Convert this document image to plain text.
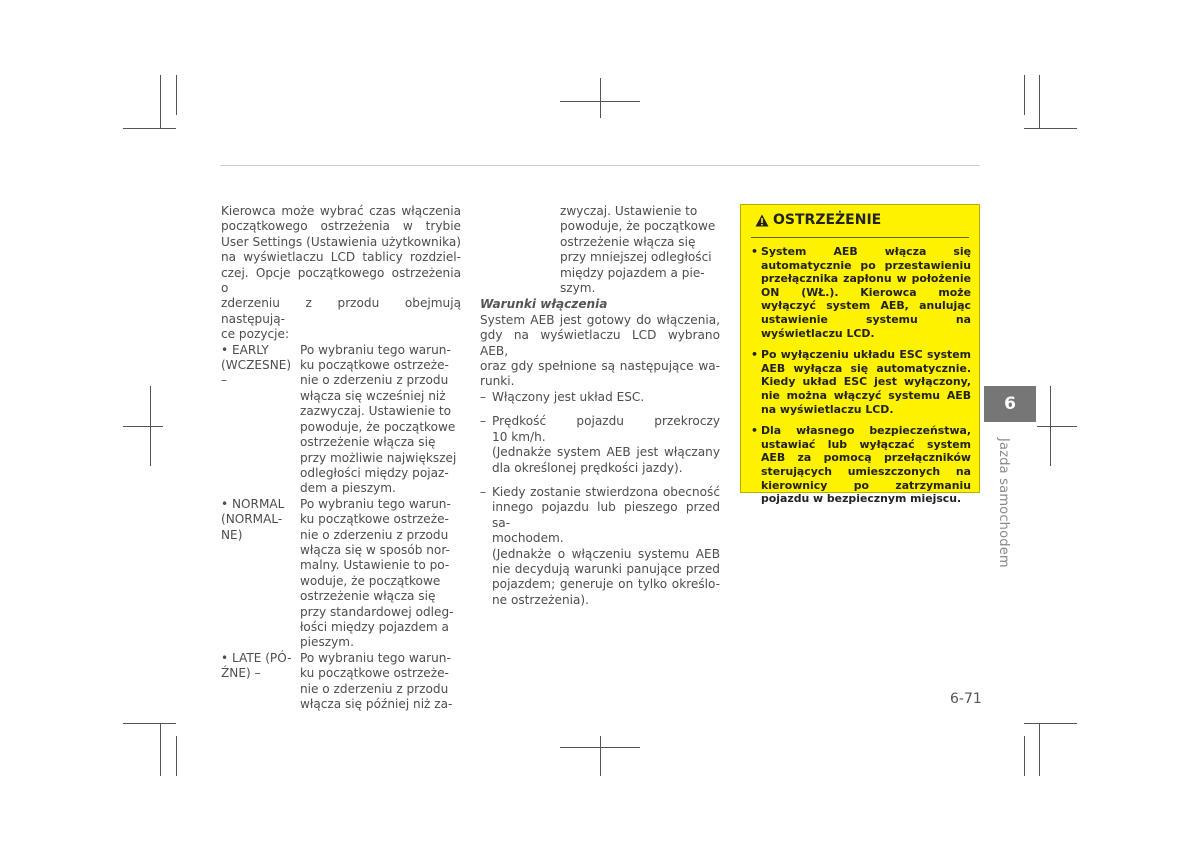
Kierowca może wybrać czas włączenia
początkowego ostrzeżenia w trybie
User Settings (Ustawienia użytkownika)
na wyświetlaczu LCD tablicy rozdziel-
czej. Opcje początkowego ostrzeżenia o
zderzeniu z przodu obejmują następują-
ce pozycje:
• EARLY
(WCZESNE)
–
Po wybraniu tego warun-
ku początkowe ostrzeże-
nie o zderzeniu z przodu
włącza się wcześniej niż
zazwyczaj. Ustawienie to
powoduje, że początkowe
ostrzeżenie włącza się
przy możliwie największej
odległości między pojaz-
dem a pieszym.
• NORMAL
(NORMAL-
NE)
Po wybraniu tego warun-
ku początkowe ostrzeże-
nie o zderzeniu z przodu
włącza się w sposób nor-
malny. Ustawienie to po-
woduje, że początkowe
ostrzeżenie włącza się
przy standardowej odleg-
łości między pojazdem a
pieszym.
• LATE (PÓ-
ŹNE) –
Po wybraniu tego warun-
ku początkowe ostrzeże-
nie o zderzeniu z przodu
włącza się później niż za-
zwyczaj. Ustawienie to
powoduje, że początkowe
ostrzeżenie włącza się
przy mniejszej odległości
między pojazdem a pie-
szym.
Warunki włączenia
System AEB jest gotowy do włączenia,
gdy na wyświetlaczu LCD wybrano AEB,
oraz gdy spełnione są następujące wa-
runki.
– Włączony jest układ ESC.
– Prędkość pojazdu przekroczy
10 km/h.
(Jednakże system AEB jest włączany
dla określonej prędkości jazdy).
– Kiedy zostanie stwierdzona obecność
innego pojazdu lub pieszego przed sa-
mochodem.
(Jednakże o włączeniu systemu AEB
nie decydują warunki panujące przed
pojazdem; generuje on tylko określo-
ne ostrzeżenia).
OSTRZEŻENIE
• System AEB włącza się automatycznie po przestawieniu przełącznika zapłonu w położenie ON (WŁ.). Kierowca może wyłączyć system AEB, anulując ustawienie systemu na wyświetlaczu LCD.
• Po wyłączeniu układu ESC system AEB wyłącza się automatycznie. Kiedy układ ESC jest wyłączony, nie można włączyć systemu AEB na wyświetlaczu LCD.
• Dla własnego bezpieczeństwa, ustawiać lub wyłączać system AEB za pomocą przełączników sterujących umieszczonych na kierownicy po zatrzymaniu pojazdu w bezpiecznym miejscu.
6
Jazda samochodem
6-71
